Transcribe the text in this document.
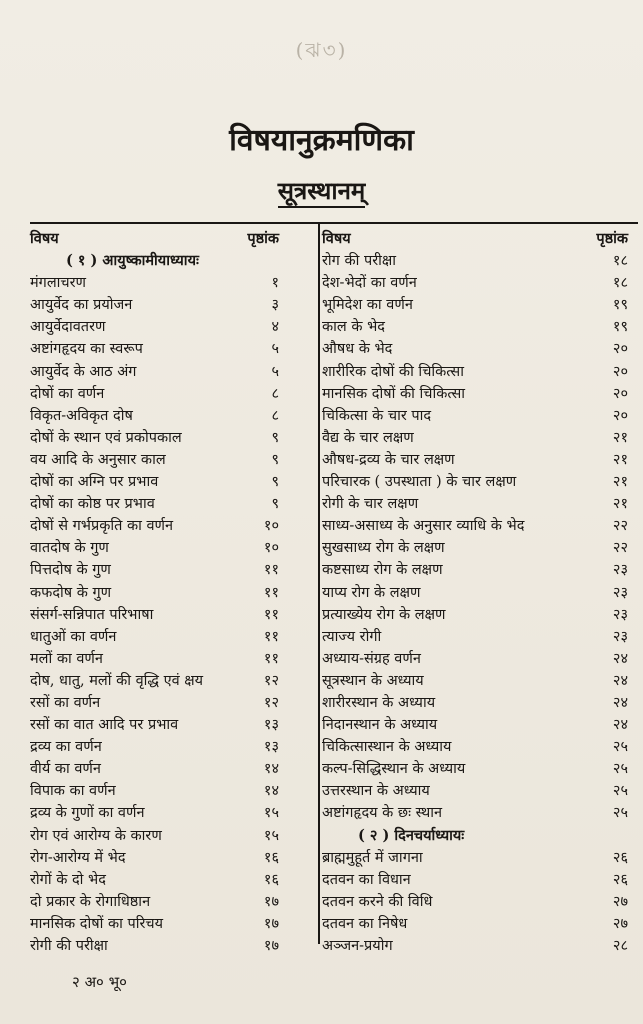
(ঝ৩)
विषयानुक्रमणिका
सूत्रस्थानम्
विषय	पृष्ठांक
( १ ) आयुष्कामीयाध्यायः
मंगलाचरण	१
आयुर्वेद का प्रयोजन	३
आयुर्वेदावतरण	४
अष्टांगहृदय का स्वरूप	५
आयुर्वेद के आठ अंग	५
दोषों का वर्णन	८
विकृत-अविकृत दोष	८
दोषों के स्थान एवं प्रकोपकाल	९
वय आदि के अनुसार काल	९
दोषों का अग्नि पर प्रभाव	९
दोषों का कोष्ठ पर प्रभाव	९
दोषों से गर्भप्रकृति का वर्णन	१०
वातदोष के गुण	१०
पित्तदोष के गुण	११
कफदोष के गुण	११
संसर्ग-सन्निपात परिभाषा	११
धातुओं का वर्णन	११
मलों का वर्णन	११
दोष, धातु, मलों की वृद्धि एवं क्षय	१२
रसों का वर्णन	१२
रसों का वात आदि पर प्रभाव	१३
द्रव्य का वर्णन	१३
वीर्य का वर्णन	१४
विपाक का वर्णन	१४
द्रव्य के गुणों का वर्णन	१५
रोग एवं आरोग्य के कारण	१५
रोग-आरोग्य में भेद	१६
रोगों के दो भेद	१६
दो प्रकार के रोगाधिष्ठान	१७
मानसिक दोषों का परिचय	१७
रोगी की परीक्षा	१७
विषय	पृष्ठांक
रोग की परीक्षा	१८
देश-भेदों का वर्णन	१८
भूमिदेश का वर्णन	१९
काल के भेद	१९
औषध के भेद	२०
शारीरिक दोषों की चिकित्सा	२०
मानसिक दोषों की चिकित्सा	२०
चिकित्सा के चार पाद	२०
वैद्य के चार लक्षण	२१
औषध-द्रव्य के चार लक्षण	२१
परिचारक ( उपस्थाता ) के चार लक्षण	२१
रोगी के चार लक्षण	२१
साध्य-असाध्य के अनुसार व्याधि के भेद	२२
सुखसाध्य रोग के लक्षण	२२
कष्टसाध्य रोग के लक्षण	२३
याप्य रोग के लक्षण	२३
प्रत्याख्येय रोग के लक्षण	२३
त्याज्य रोगी	२३
अध्याय-संग्रह वर्णन	२४
सूत्रस्थान के अध्याय	२४
शारीरस्थान के अध्याय	२४
निदानस्थान के अध्याय	२४
चिकित्सास्थान के अध्याय	२५
कल्प-सिद्धिस्थान के अध्याय	२५
उत्तरस्थान के अध्याय	२५
अष्टांगहृदय के छः स्थान	२५
( २ ) दिनचर्याध्यायः
ब्राह्ममुहूर्त में जागना	२६
दतवन का विधान	२६
दतवन करने की विधि	२७
दतवन का निषेध	२७
अञ्जन-प्रयोग	२८
२ अ० भू०
